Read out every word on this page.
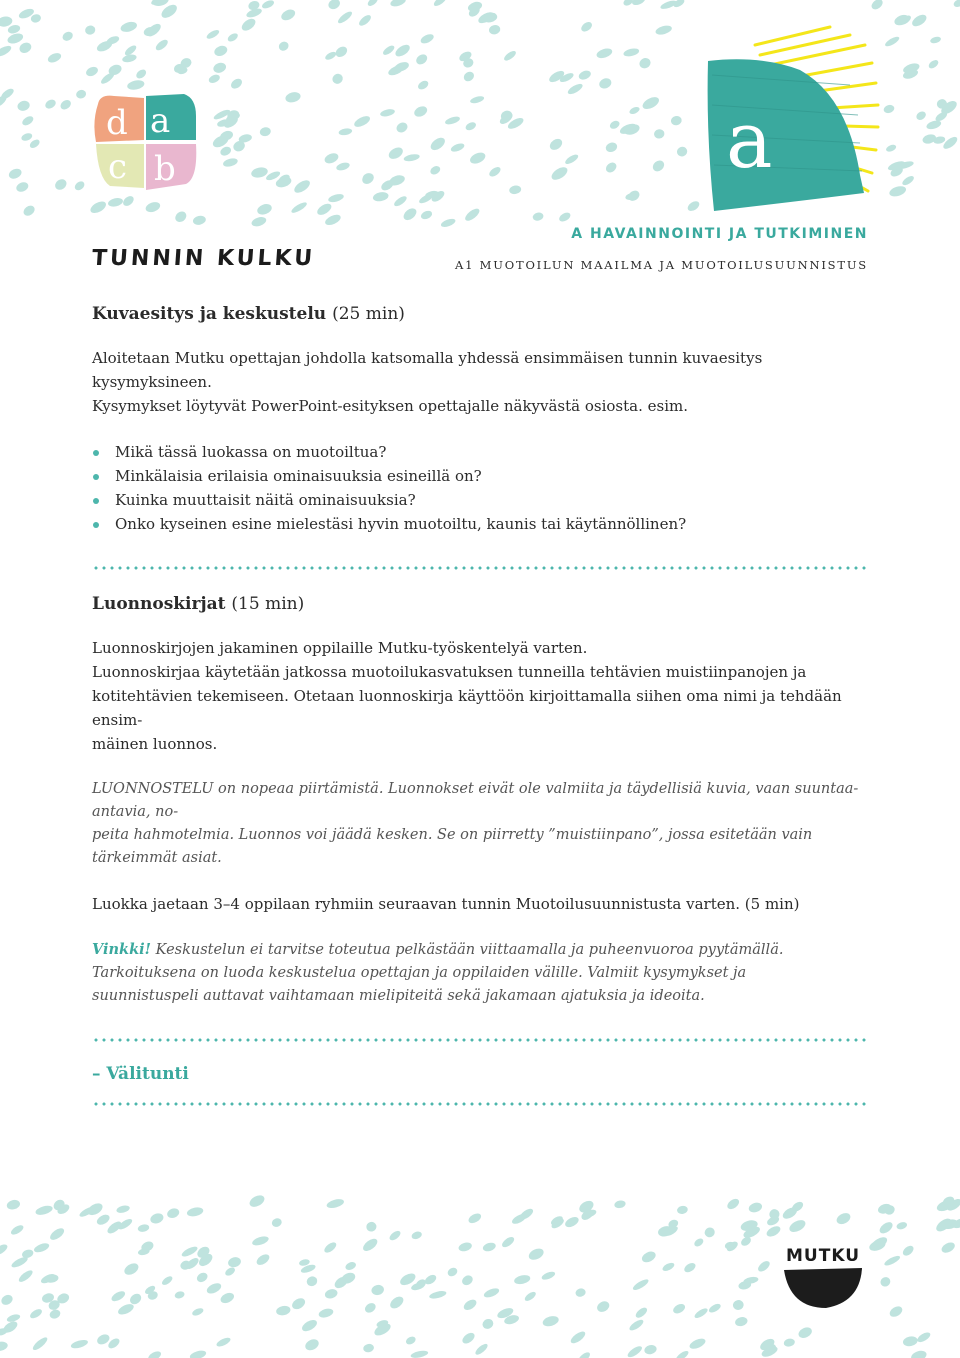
d a
c b	a
TUNNIN KULKU
A HAVAINNOINTI JA TUTKIMINEN
A1 MUOTOILUN MAAILMA JA MUOTOILUSUUNNISTUS
Kuvaesitys ja keskustelu (25 min)

Aloitetaan Mutku opettajan johdolla katsomalla yhdessä ensimmäisen tunnin kuvaesitys kysymyksineen.

Kysymykset löytyvät PowerPoint-esityksen opettajalle näkyvästä osiosta. esim.

Mikä tässä luokassa on muotoiltua?
Minkälaisia erilaisia ominaisuuksia esineillä on?
Kuinka muuttaisit näitä ominaisuuksia?
Onko kyseinen esine mielestäsi hyvin muotoiltu, kaunis tai käytännöllinen?
Luonnoskirjat (15 min)

Luonnoskirjojen jakaminen oppilaille Mutku-työskentelyä varten.

Luonnoskirjaa käytetään jatkossa muotoilukasvatuksen tunneilla tehtävien muistiinpanojen ja

kotitehtävien tekemiseen. Otetaan luonnoskirja käyttöön kirjoittamalla siihen oma nimi ja tehdään ensim-

mäinen luonnos.

LUONNOSTELU on nopeaa piirtämistä. Luonnokset eivät ole valmiita ja täydellisiä kuvia, vaan suuntaa-antavia, no-

peita hahmotelmia. Luonnos voi jäädä kesken. Se on piirretty ”muistiinpano”, jossa esitetään vain tärkeimmät asiat.

Luokka jaetaan 3–4 oppilaan ryhmiin seuraavan tunnin Muotoilusuunnistusta varten. (5 min)

Vinkki! Keskustelun ei tarvitse toteutua pelkästään viittaamalla ja puheenvuoroa pyytämällä.

Tarkoituksena on luoda keskustelua opettajan ja oppilaiden välille. Valmiit kysymykset ja

suunnistuspeli auttavat vaihtamaan mielipiteitä sekä jakamaan ajatuksia ja ideoita.

– Välitunti
MUTKU
